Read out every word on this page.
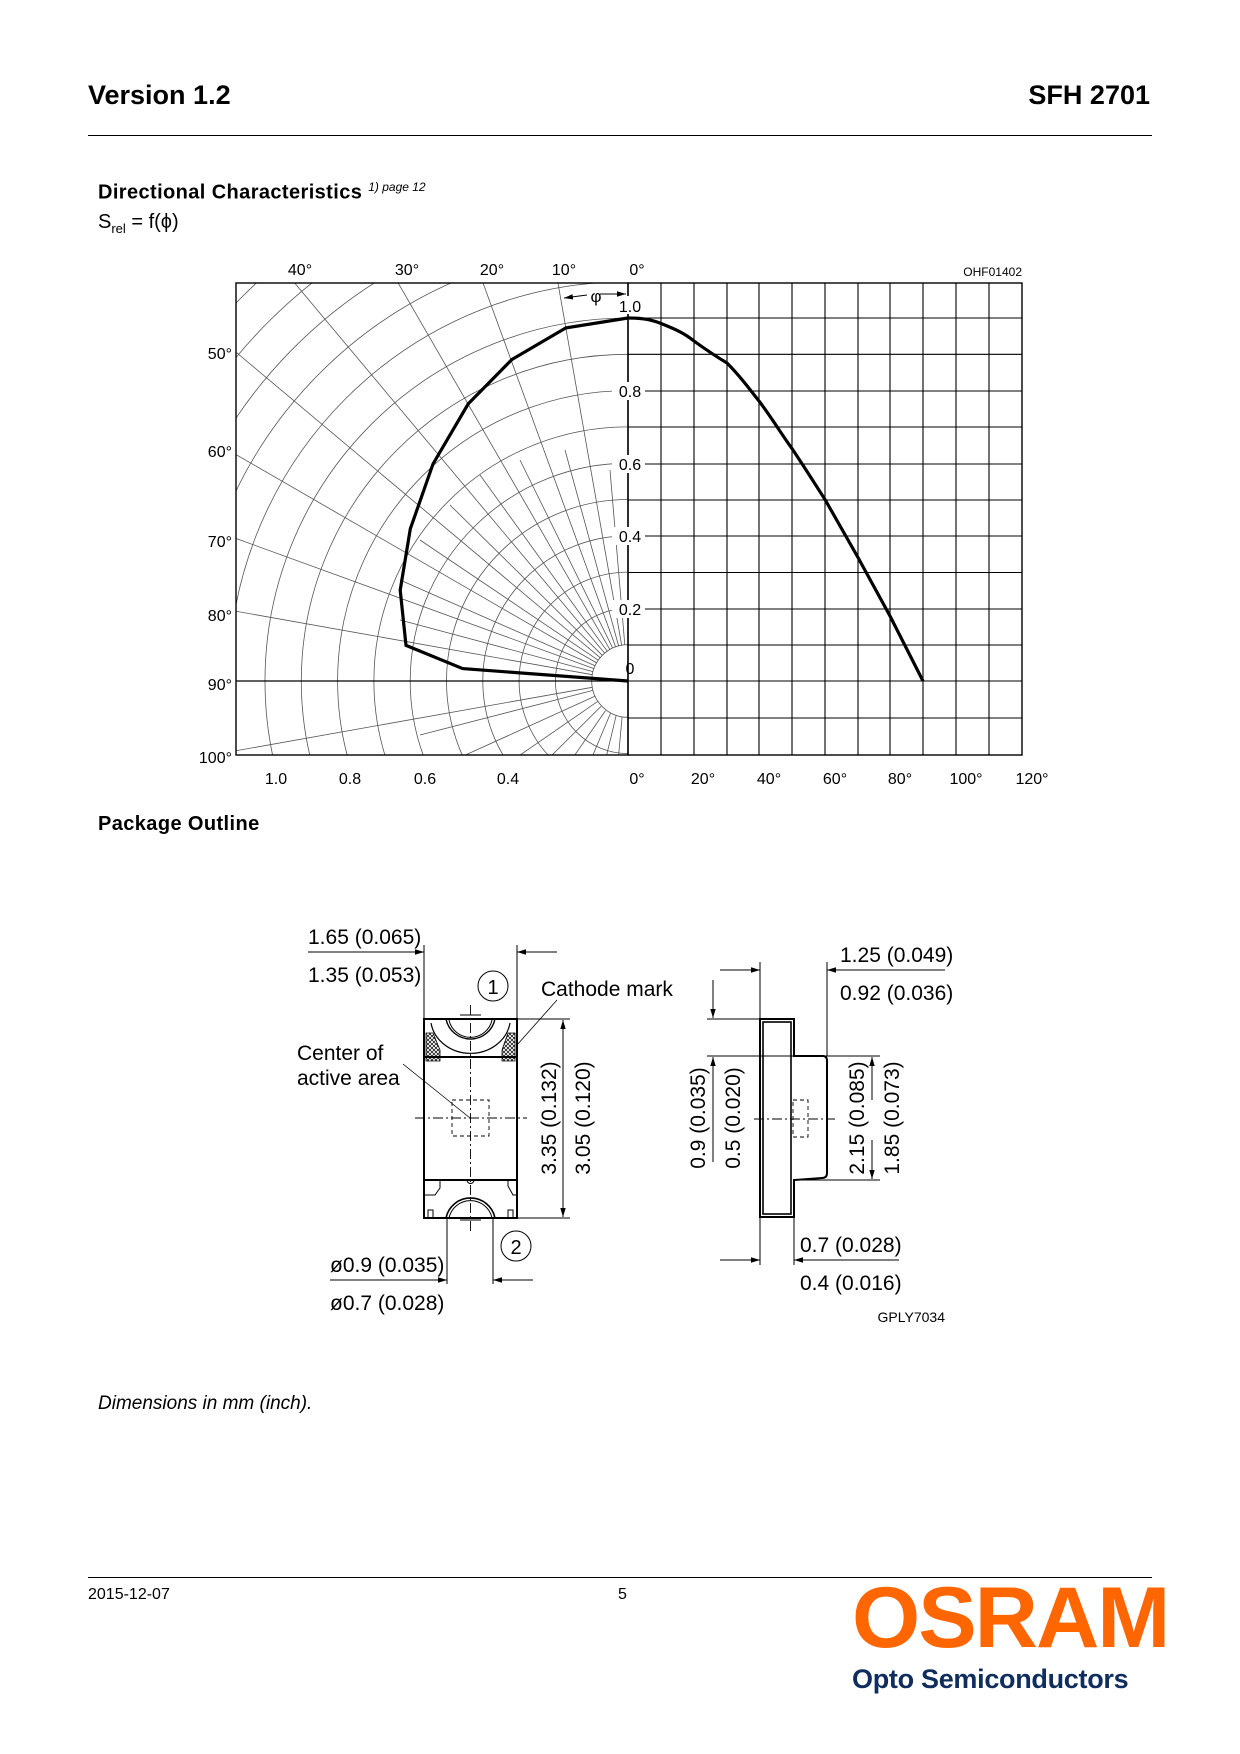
Version 1.2	SFH 2701
Directional Characteristics $^{1) page 12}$
$S_{rel} = f(\phi)$
1.0
0.8
0.6
0.4
0.2
0
40°	30°	20°	10°	0°	OHF01402
50°
60°
70°
80°
90°
100°
1.0	0.8	0.6	0.4	0°	20°	40°	60°	80° 100° 120°
φ
1.65 (0.065)
1.35 (0.053)
1 Cathode mark
Center of
active area
ø0.9 (0.035)
ø0.7 (0.028)
2
3.35 (0.132) 3.05 (0.120)
1.25 (0.049)
0.92 (0.036)
0.9 (0.035) 0.5 (0.020)	2.15 (0.085) 1.85 (0.073)
0.7 (0.028)
0.4 (0.016)
GPLY7034
Package Outline
Dimensions in mm (inch).
2015-12-07	5	OSRAM
Opto Semiconductors
